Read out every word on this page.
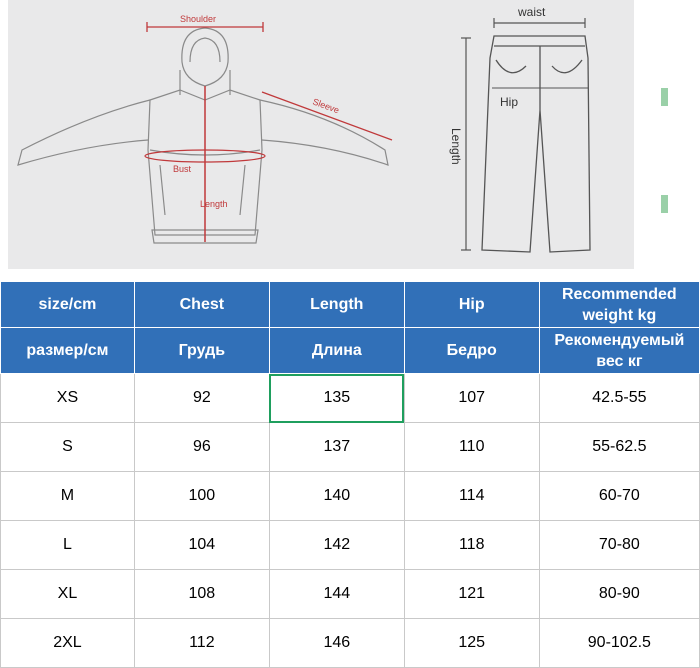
Shoulder
Sleeve
Bust
Length
waist
Hip
Length
size/cm	Chest	Length	Hip	Recommended weight kg
размер/см	Грудь	Длина	Бедро	Рекомендуемый вес кг
XS	92	135	107	42.5-55
S	96	137	110	55-62.5
M	100	140	114	60-70
L	104	142	118	70-80
XL	108	144	121	80-90
2XL	112	146	125	90-102.5
